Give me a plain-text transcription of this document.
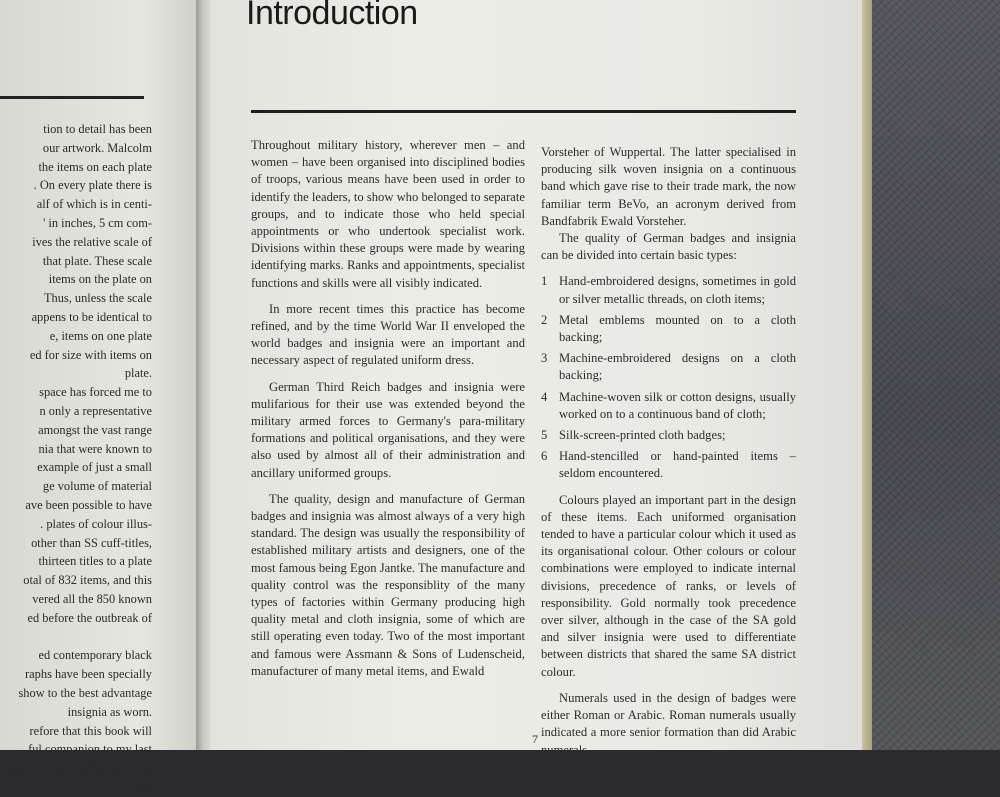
tion to detail has been
our artwork. Malcolm
the items on each plate
. On every plate there is
alf of which is in centi-
' in inches, 5 cm com-
ives the relative scale of
that plate. These scale
items on the plate on
Thus, unless the scale
appens to be identical to
e, items on one plate
ed for size with items on
plate.
space has forced me to
n only a representative
amongst the vast range
nia that were known to
example of just a small
ge volume of material
ave been possible to have
. plates of colour illus-
other than SS cuff-titles,
thirteen titles to a plate
otal of 832 items, and this
vered all the 850 known
ed before the outbreak of

ed contemporary black
raphs have been specially
show to the best advantage
insignia as worn.
refore that this book will
ful companion to my last
ook, German Uniforms of the
45.
Introduction

Throughout military history, wherever men – and women – have been organised into disciplined bodies of troops, various means have been used in order to identify the leaders, to show who belonged to separate groups, and to indicate those who held special appointments or who undertook specialist work. Divisions within these groups were made by wearing identifying marks. Ranks and appointments, specialist functions and skills were all visibly indicated.

In more recent times this practice has become refined, and by the time World War II enveloped the world badges and insignia were an important and necessary aspect of regulated uniform dress.

German Third Reich badges and insignia were mulifarious for their use was extended beyond the military armed forces to Germany's para-military formations and political organisations, and they were also used by almost all of their administration and ancillary uniformed groups.

The quality, design and manufacture of German badges and insignia was almost always of a very high standard. The design was usually the responsibility of established military artists and designers, one of the most famous being Egon Jantke. The manufacture and quality control was the responsiblity of the many types of factories within Germany producing high quality metal and cloth insignia, some of which are still operating even today. Two of the most important and famous were Assmann & Sons of Ludenscheid, manufacturer of many metal items, and Ewald

Vorsteher of Wuppertal. The latter specialised in producing silk woven insignia on a continuous band which gave rise to their trade mark, the now familiar term BeVo, an acronym derived from Bandfabrik Ewald Vorsteher.

The quality of German badges and insignia can be divided into certain basic types:

1 Hand-embroidered designs, sometimes in gold or silver metallic threads, on cloth items;
2 Metal emblems mounted on to a cloth backing;
3 Machine-embroidered designs on a cloth backing;
4 Machine-woven silk or cotton designs, usually worked on to a continuous band of cloth;
5 Silk-screen-printed cloth badges;
6 Hand-stencilled or hand-painted items – seldom encountered.

Colours played an important part in the design of these items. Each uniformed organisation tended to have a particular colour which it used as its organisational colour. Other colours or colour combinations were employed to indicate internal divisions, precedence of ranks, or levels of responsibility. Gold normally took precedence over silver, although in the case of the SA gold and silver insignia were used to differentiate between districts that shared the same SA district colour.

Numerals used in the design of badges were either Roman or Arabic. Roman numerals usually indicated a more senior formation than did Arabic numerals.

7
